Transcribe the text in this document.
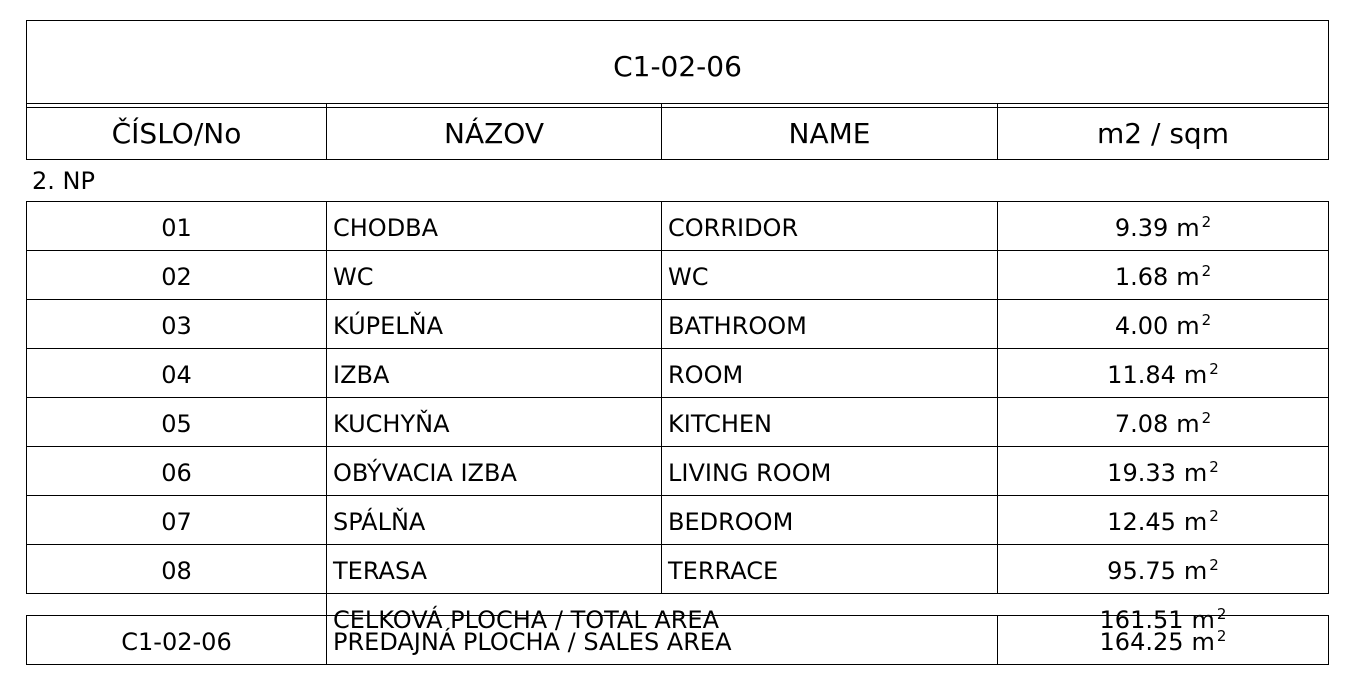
C1-02-06
ČÍSLO/No	NÁZOV	NAME	m2 / sqm
2. NP
01	CHODBA	CORRIDOR	9.39 m $^2$
02	WC	WC	1.68 m $^2$
03	KÚPELŇA	BATHROOM	4.00 m $^2$
04	IZBA	ROOM	11.84 m $^2$
05	KUCHYŇA	KITCHEN	7.08 m $^2$
06	OBÝVACIA IZBA	LIVING ROOM	19.33 m $^2$
07	SPÁLŇA	BEDROOM	12.45 m $^2$
08	TERASA	TERRACE	95.75 m $^2$
	CELKOVÁ PLOCHA / TOTAL AREA		161.51 m $^2$
C1-02-06	PREDAJNÁ PLOCHA / SALES AREA	164.25 m $^2$
